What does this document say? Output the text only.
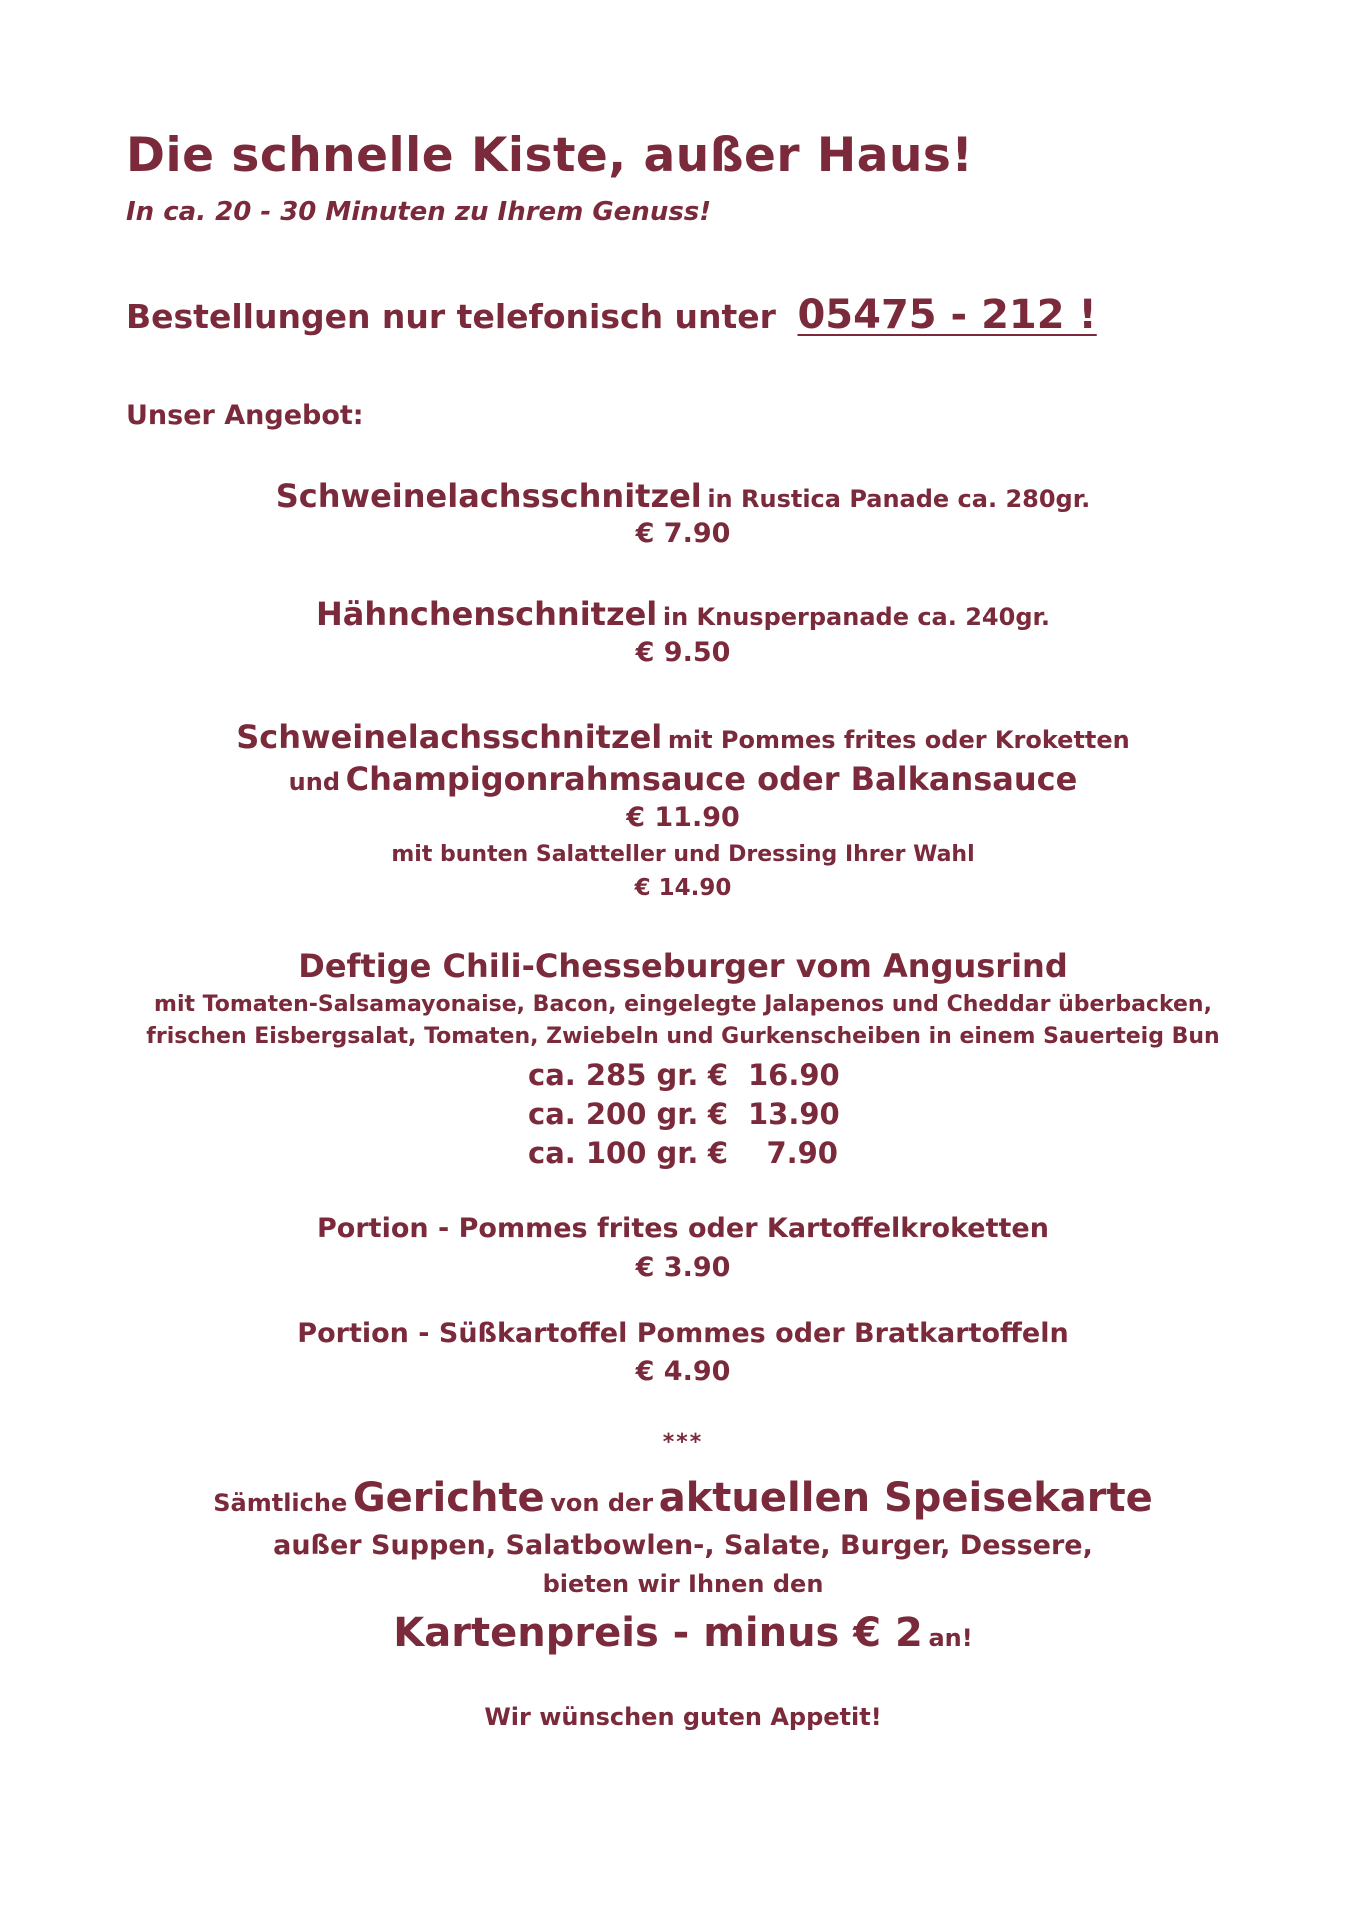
Die schnelle Kiste, außer Haus!
In ca. 20 - 30 Minuten zu Ihrem Genuss!
Bestellungen nur telefonisch unter 05475 - 212 !
Unser Angebot:
Schweinelachsschnitzel in Rustica Panade ca. 280gr.
€ 7.90
Hähnchenschnitzel in Knusperpanade ca. 240gr.
€ 9.50
Schweinelachsschnitzel mit Pommes frites oder Kroketten
und Champigonrahmsauce oder Balkansauce
€ 11.90
mit bunten Salatteller und Dressing Ihrer Wahl
€ 14.90
Deftige Chili-Chesseburger vom Angusrind
mit Tomaten-Salsamayonaise, Bacon, eingelegte Jalapenos und Cheddar überbacken,
frischen Eisbergsalat, Tomaten, Zwiebeln und Gurkenscheiben in einem Sauerteig Bun
ca. 285 gr. € 16.90
ca. 200 gr. € 13.90
ca. 100 gr. € 7.90
Portion - Pommes frites oder Kartoffelkroketten
€ 3.90
Portion - Süßkartoffel Pommes oder Bratkartoffeln
€ 4.90
***
Sämtliche Gerichte von der aktuellen Speisekarte
außer Suppen, Salatbowlen-, Salate, Burger, Dessere,
bieten wir Ihnen den
Kartenpreis - minus € 2 an!
Wir wünschen guten Appetit!
